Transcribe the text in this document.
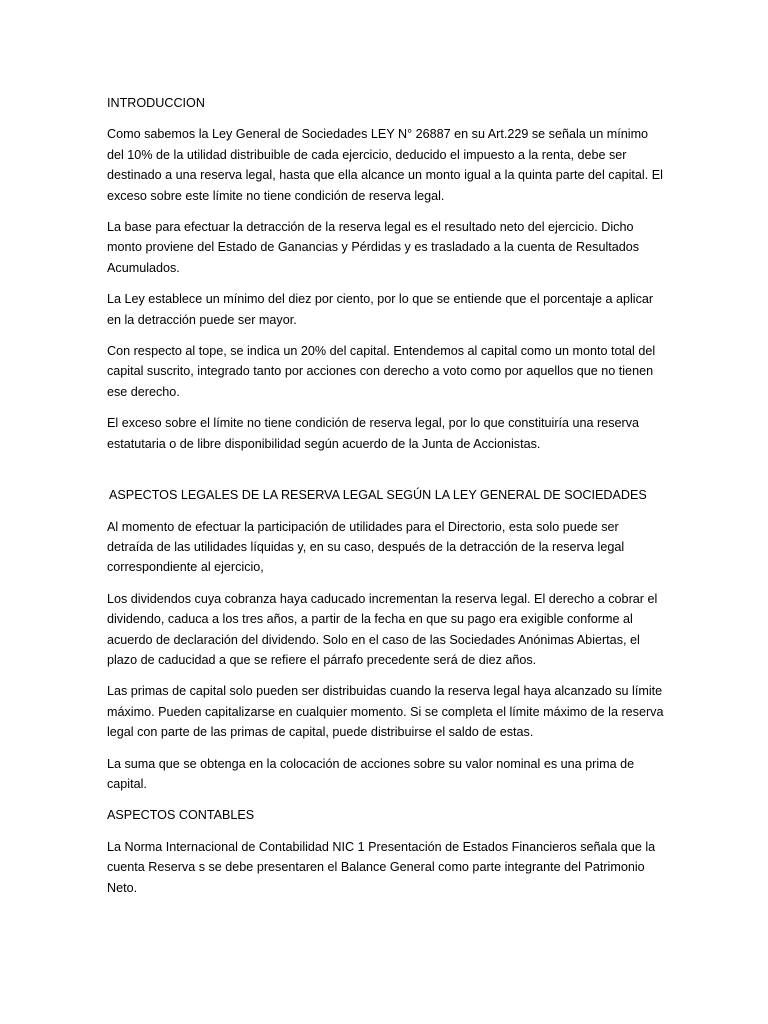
INTRODUCCION

Como sabemos la Ley General de Sociedades LEY N° 26887 en su Art.229 se señala un mínimo del 10% de la utilidad distribuible de cada ejercicio, deducido el impuesto a la renta, debe ser destinado a una reserva legal, hasta que ella alcance un monto igual a la quinta parte del capital. El exceso sobre este límite no tiene condición de reserva legal.

La base para efectuar la detracción de la reserva legal es el resultado neto del ejercicio. Dicho monto proviene del Estado de Ganancias y Pérdidas y es trasladado a la cuenta de Resultados Acumulados.

La Ley establece un mínimo del diez por ciento, por lo que se entiende que el porcentaje a aplicar en la detracción puede ser mayor.

Con respecto al tope, se indica un 20% del capital. Entendemos al capital como un monto total del capital suscrito, integrado tanto por acciones con derecho a voto como por aquellos que no tienen ese derecho.

El exceso sobre el límite no tiene condición de reserva legal, por lo que constituiría una reserva estatutaria o de libre disponibilidad según acuerdo de la Junta de Accionistas.

ASPECTOS LEGALES DE LA RESERVA LEGAL SEGÚN LA LEY GENERAL DE SOCIEDADES

Al momento de efectuar la participación de utilidades para el Directorio, esta solo puede ser detraída de las utilidades líquidas y, en su caso, después de la detracción de la reserva legal correspondiente al ejercicio,

Los dividendos cuya cobranza haya caducado incrementan la reserva legal. El derecho a cobrar el dividendo, caduca a los tres años, a partir de la fecha en que su pago era exigible conforme al acuerdo de declaración del dividendo. Solo en el caso de las Sociedades Anónimas Abiertas, el plazo de caducidad a que se refiere el párrafo precedente será de diez años.

Las primas de capital solo pueden ser distribuidas cuando la reserva legal haya alcanzado su límite máximo. Pueden capitalizarse en cualquier momento. Si se completa el límite máximo de la reserva legal con parte de las primas de capital, puede distribuirse el saldo de estas.

La suma que se obtenga en la colocación de acciones sobre su valor nominal es una prima de capital.

ASPECTOS CONTABLES

La Norma Internacional de Contabilidad NIC 1 Presentación de Estados Financieros señala que la cuenta Reserva s se debe presentaren el Balance General como parte integrante del Patrimonio Neto.
